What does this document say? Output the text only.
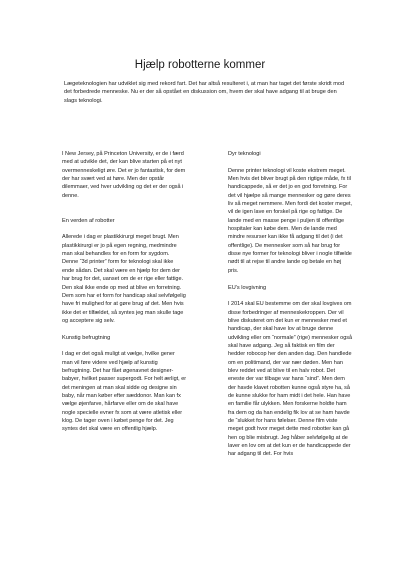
Hjælp robotterne kommer

Lægeteknologien har udviklet sig med rekord fart. Det har altså resulteret i, at man har taget det første skridt mod det forbedrede menneske. Nu er der så opstået en diskussion om, hvem der skal have adgang til at bruge den slags teknologi.

I New Jersey, på Princeton University, er de i færd med at udvikle det, der kan blive starten på et nyt overmenneskeligt øre. Det er jo fantastisk, for dem der har svært ved at høre. Men der opstår dilemmaer, ved hver udvikling og det er der også i denne.

En verden af robotter

Allerede i dag er plastikkirurgi meget brugt. Men plastikkirurgi er jo på egen regning, medmindre man skal behandles for en form for sygdom. Denne “3d printer” form for teknologi skal ikke ende sådan. Det skal være en hjælp for dem der har brug for det, uanset om de er rige eller fattige. Den skal ikke ende op med at blive en forretning. Dem som har et form for handicap skal selvfølgelig have fri mulighed for at gøre brug af det. Men hvis ikke det er tilfældet, så syntes jeg man skulle tage og acceptere sig selv.

Kunstig befrugtning

I dag er det også muligt at vælge, hvilke gener man vil føre videre ved hjælp af kunstig befrugtning. Det har fået øgenavnet designer-babyer, hvilket passer supergodt. For helt ærligt, er det meningen at man skal sidde og designe sin baby, når man køber efter sæddonor. Man kan fx vælge øjenfarve, hårfarve eller om de skal have nogle specielle evner fx som at være atletisk eller klog. De tager oven i købet penge for det. Jeg syntes det skal være en offentlig hjælp.

Dyr teknologi

Denne printer teknologi vil koste ekstrem meget. Men hvis det bliver brugt på den rigtige måde, fx til handicappede, så er det jo en god forretning. For det vil hjælpe så mange mennesker og gøre deres liv så meget nemmere. Men fordi det koster meget, vil de igen lave en forskel på rige og fattige. De lande med en masse penge i puljen til offentlige hospitaler kan købe dem. Men de lande med mindre resurser kan ikke få adgang til det (i det offentlige). De mennesker som så har brug for disse nye former for teknologi bliver i nogle tilfælde nødt til at rejse til andre lande og betale en høj pris.

EU’s lovgivning

I 2014 skal EU bestemme om der skal lovgives om disse forbedringer af menneskekroppen. Der vil blive diskuteret om det kun er mennesker med et handicap, der skal have lov at bruge denne udvikling eller om “normale” (rige) mennesker også skal have adgang. Jeg så faktisk en film der hedder robocop her den anden dag. Den handlede om en politimand, der var nær døden. Men han blev reddet ved at blive til en halv robot. Det eneste der var tilbage var hans “sind”. Men dem der havde klavet robotten kunne også styre ha, så de kunne slukke for ham midt i det hele. Han have en familie får ulykken. Men forskerne holdte ham fra dem og da han endelig fik lov at se ham havde de “slukket for hans følelser. Denne film viste meget godt hvor meget dette med robotter kan gå hen og blie misbrugt. Jeg håber selvfølgelig at de laver en lov om at det kun er de handicappede der har adgang til det. For hvis
